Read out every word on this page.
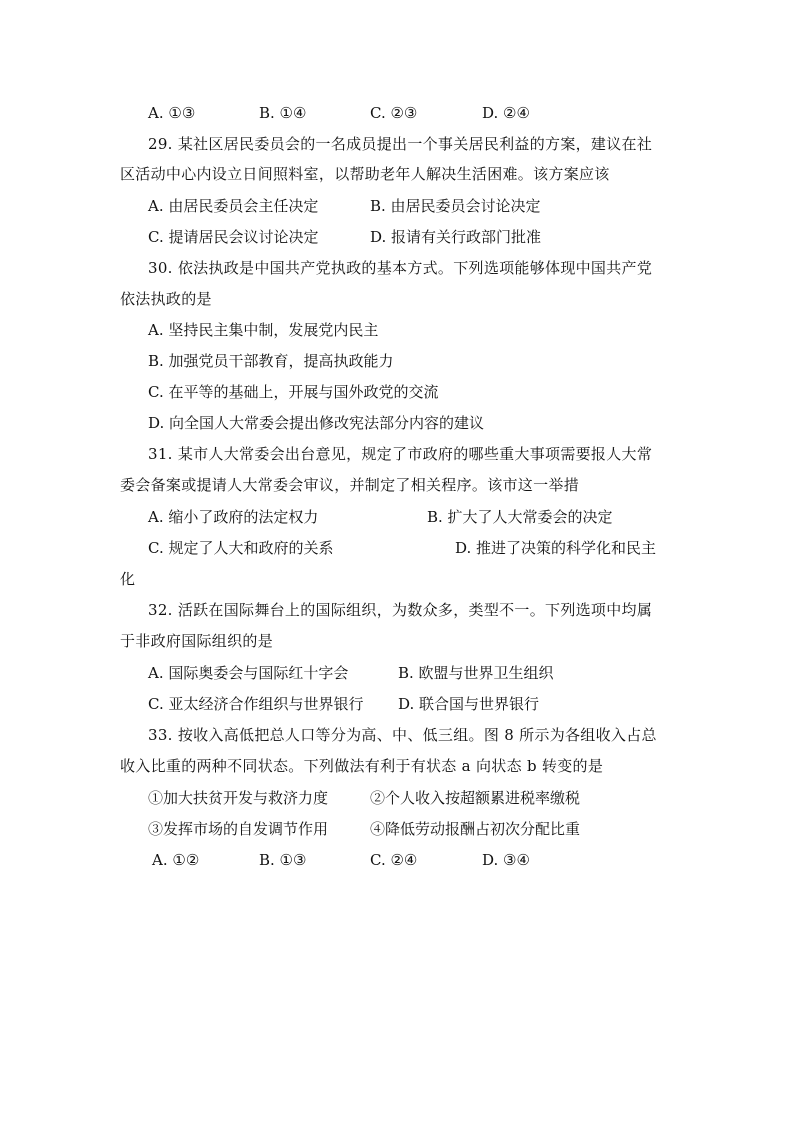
A. ①③	B. ①④	C. ②③	D. ②④
29. 某社区居民委员会的一名成员提出一个事关居民利益的方案，建议在社
区活动中心内设立日间照料室，以帮助老年人解决生活困难。该方案应该
A. 由居民委员会主任决定	B. 由居民委员会讨论决定
C. 提请居民会议讨论决定	D. 报请有关行政部门批准
30. 依法执政是中国共产党执政的基本方式。下列选项能够体现中国共产党
依法执政的是
A. 坚持民主集中制，发展党内民主
B. 加强党员干部教育，提高执政能力
C. 在平等的基础上，开展与国外政党的交流
D. 向全国人大常委会提出修改宪法部分内容的建议
31. 某市人大常委会出台意见，规定了市政府的哪些重大事项需要报人大常
委会备案或提请人大常委会审议，并制定了相关程序。该市这一举措
A. 缩小了政府的法定权力	B. 扩大了人大常委会的决定
C. 规定了人大和政府的关系	D. 推进了决策的科学化和民主
化
32. 活跃在国际舞台上的国际组织，为数众多，类型不一。下列选项中均属
于非政府国际组织的是
A. 国际奥委会与国际红十字会	B. 欧盟与世界卫生组织
C. 亚太经济合作组织与世界银行 D. 联合国与世界银行
33. 按收入高低把总人口等分为高、中、低三组。图 8 所示为各组收入占总
收入比重的两种不同状态。下列做法有利于有状态 a 向状态 b 转变的是
①加大扶贫开发与救济力度	②个人收入按超额累进税率缴税
③发挥市场的自发调节作用	④降低劳动报酬占初次分配比重
A. ①②	B. ①③	C. ②④	D. ③④
